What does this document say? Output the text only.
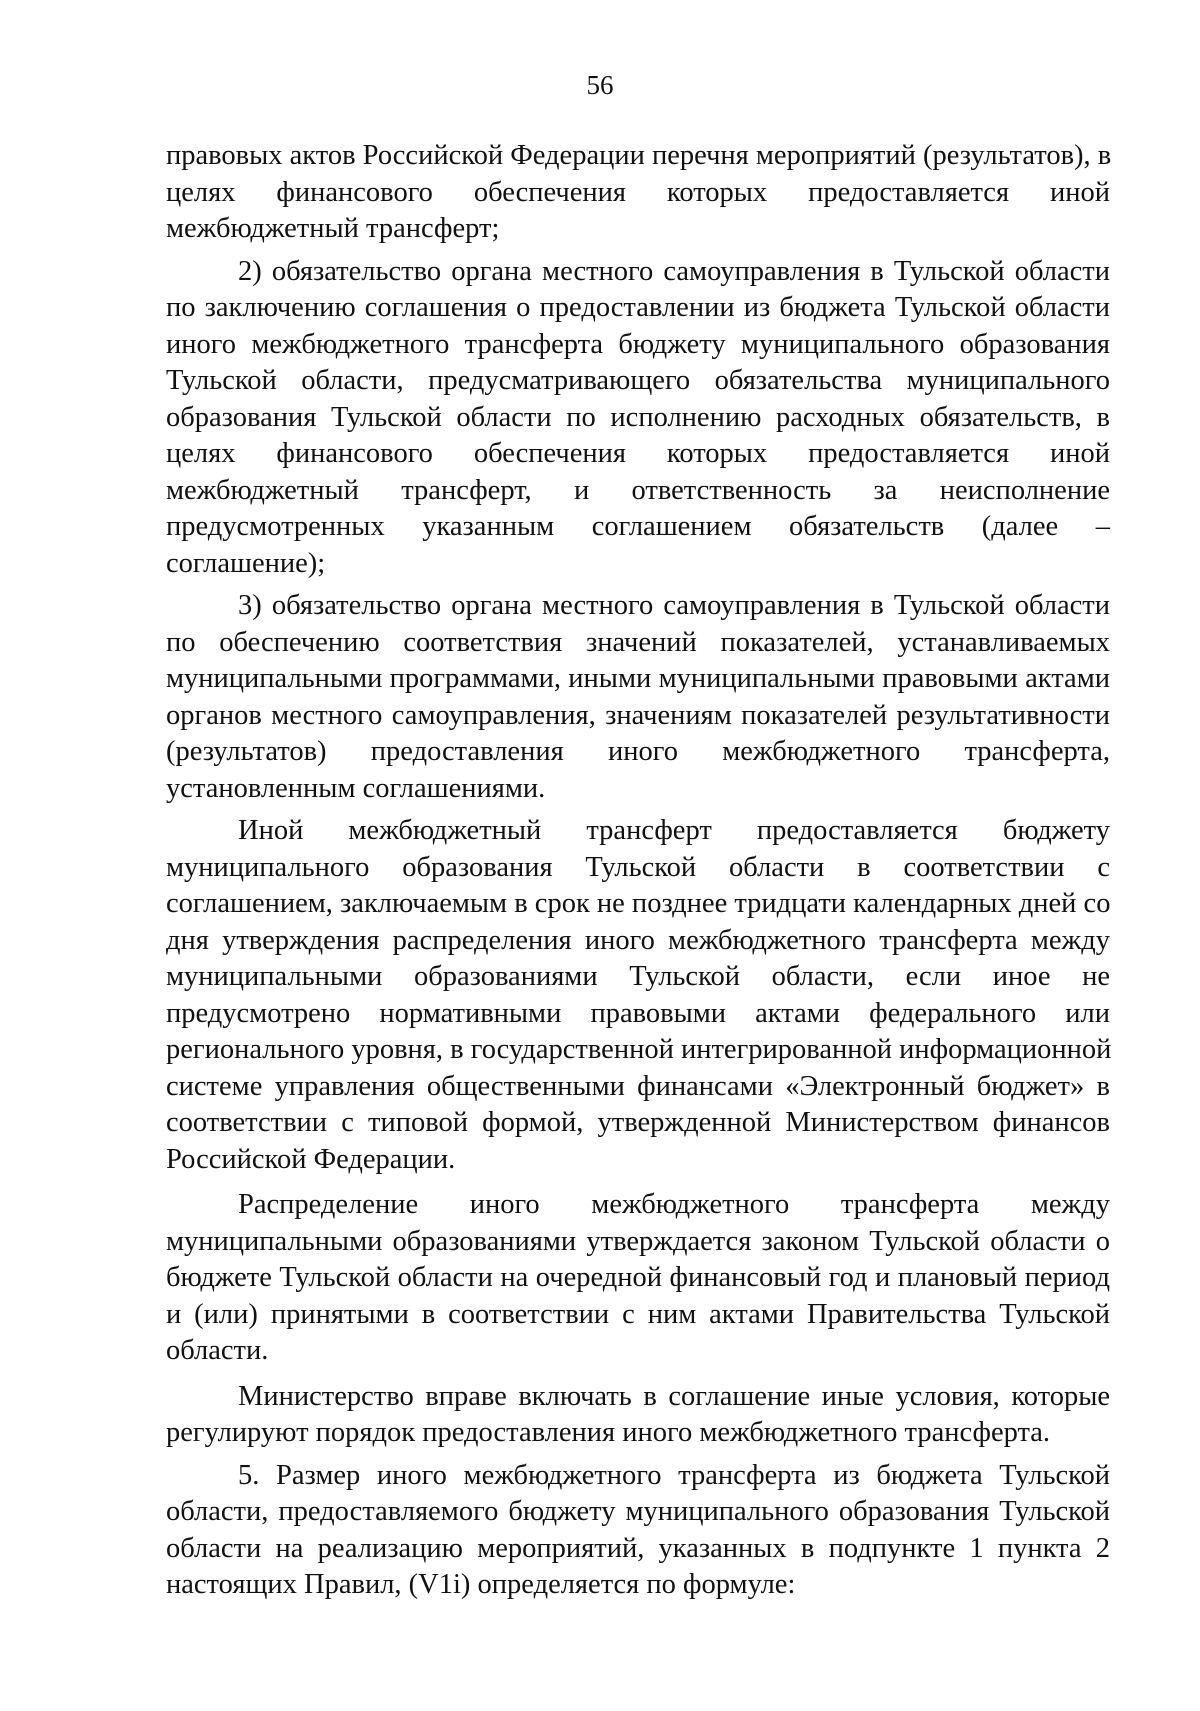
56
правовых актов Российской Федерации перечня мероприятий (результатов), в
целях финансового обеспечения которых предоставляется иной
межбюджетный трансферт;
2) обязательство органа местного самоуправления в Тульской области
по заключению соглашения о предоставлении из бюджета Тульской области
иного межбюджетного трансферта бюджету муниципального образования
Тульской области, предусматривающего обязательства муниципального
образования Тульской области по исполнению расходных обязательств, в
целях финансового обеспечения которых предоставляется иной
межбюджетный трансферт, и ответственность за неисполнение
предусмотренных указанным соглашением обязательств (далее –
соглашение);
3) обязательство органа местного самоуправления в Тульской области
по обеспечению соответствия значений показателей, устанавливаемых
муниципальными программами, иными муниципальными правовыми актами
органов местного самоуправления, значениям показателей результативности
(результатов) предоставления иного межбюджетного трансферта,
установленным соглашениями.
Иной межбюджетный трансферт предоставляется бюджету
муниципального образования Тульской области в соответствии с
соглашением, заключаемым в срок не позднее тридцати календарных дней со
дня утверждения распределения иного межбюджетного трансферта между
муниципальными образованиями Тульской области, если иное не
предусмотрено нормативными правовыми актами федерального или
регионального уровня, в государственной интегрированной информационной
системе управления общественными финансами «Электронный бюджет» в
соответствии с типовой формой, утвержденной Министерством финансов
Российской Федерации.
Распределение иного межбюджетного трансферта между
муниципальными образованиями утверждается законом Тульской области о
бюджете Тульской области на очередной финансовый год и плановый период
и (или) принятыми в соответствии с ним актами Правительства Тульской
области.
Министерство вправе включать в соглашение иные условия, которые
регулируют порядок предоставления иного межбюджетного трансферта.
5. Размер иного межбюджетного трансферта из бюджета Тульской
области, предоставляемого бюджету муниципального образования Тульской
области на реализацию мероприятий, указанных в подпункте 1 пункта 2
настоящих Правил, (V1i) определяется по формуле:
